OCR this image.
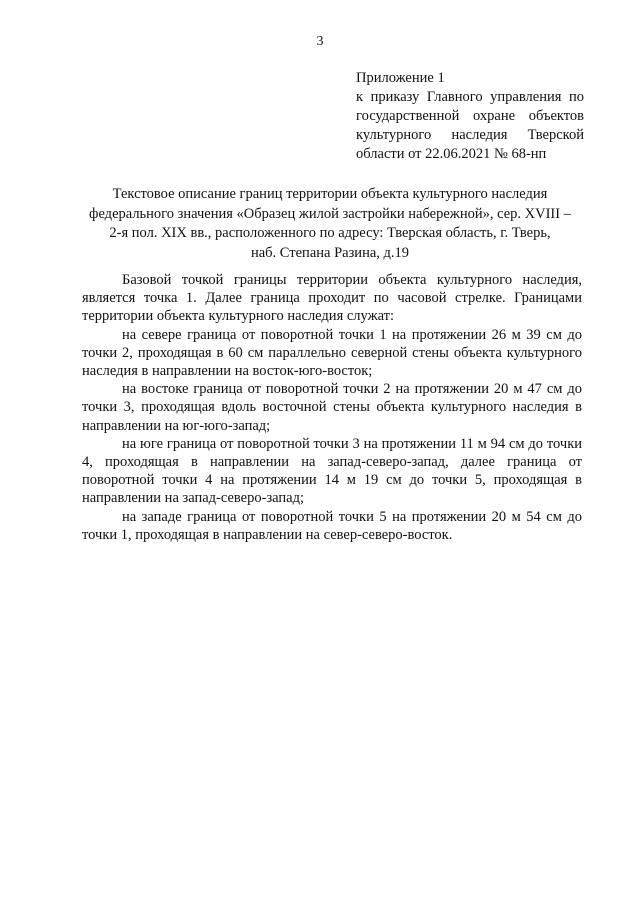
3
Приложение 1
к приказу Главного управления по
государственной охране объектов
культурного наследия Тверской
области от 22.06.2021 № 68-нп
Текстовое описание границ территории объекта культурного наследия
федерального значения «Образец жилой застройки набережной», сер. XVIII –
2-я пол. XIX вв., расположенного по адресу: Тверская область, г. Тверь,
наб. Степана Разина, д.19
Базовой точкой границы территории объекта культурного наследия,
является точка 1. Далее граница проходит по часовой стрелке. Границами
территории объекта культурного наследия служат:
на севере граница от поворотной точки 1 на протяжении 26 м 39 см до
точки 2, проходящая в 60 см параллельно северной стены объекта культурного
наследия в направлении на восток-юго-восток;
на востоке граница от поворотной точки 2 на протяжении 20 м 47 см до
точки 3, проходящая вдоль восточной стены объекта культурного наследия в
направлении на юг-юго-запад;
на юге граница от поворотной точки 3 на протяжении 11 м 94 см до точки
4, проходящая в направлении на запад-северо-запад, далее граница от
поворотной точки 4 на протяжении 14 м 19 см до точки 5, проходящая в
направлении на запад-северо-запад;
на западе граница от поворотной точки 5 на протяжении 20 м 54 см до
точки 1, проходящая в направлении на север-северо-восток.
